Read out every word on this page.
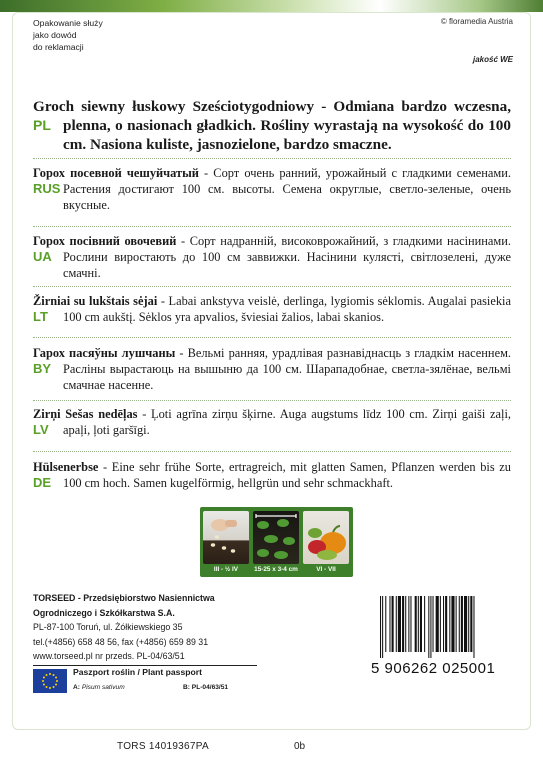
Opakowanie służy
jako dowód
do reklamacji
© floramedia Austria
jakość WE
PL

Groch siewny łuskowy Sześciotygodniowy - Odmiana bardzo wczesna, plenna, o nasionach gładkich. Rośliny wyrastają na wysokość do 100 cm. Nasiona kuliste, jasnozielone, bardzo smaczne.

RUS

Горох посевной чешуйчатый - Сорт очень ранний, урожайный с гладкими семенами. Растения достигают 100 см. высоты. Семена округлые, светло-зеленые, очень вкусные.

UA

Горох посівний овочевий - Сорт надранній, високоврожайний, з гладкими насінинами. Рослини виростають до 100 см заввижки. Насінини кулясті, світлозелені, дуже смачні.

LT

Žirniai su lukštais sėjai - Labai ankstyva veislė, derlinga, lygiomis sėklomis. Augalai pasiekia 100 cm aukštį. Sėklos yra apvalios, šviesiai žalios, labai skanios.

BY

Гарох пасяўны лушчаны - Вельмі ранняя, урадлівая разнавіднасць з гладкім насеннем. Расліны вырастаюць на вышыню да 100 см. Шарападобнае, светла-зялёнае, вельмі смачнае насенне.

LV

Zirņi Sešas nedēļas - Ļoti agrīna zirņu šķirne. Auga augstums līdz 100 cm. Zirņi gaiši zaļi, apaļi, ļoti garšīgi.

DE

Hülsenerbse - Eine sehr frühe Sorte, ertragreich, mit glatten Samen, Pflanzen werden bis zu 100 cm hoch. Samen kugelförmig, hellgrün und sehr schmackhaft.

III - ½ IV	15-25 x 3-4 cm	VI - VII
TORSEED - Przedsiębiorstwo Nasiennictwa
Ogrodniczego i Szkółkarstwa S.A.
PL-87-100 Toruń, ul. Żółkiewskiego 35
tel.(+4856) 658 48 56, fax (+4856) 659 89 31
www.torseed.pl nr przeds. PL-04/63/51
5 906262 025001
Paszport roślin / Plant passport
A: Pisum sativum	B: PL-04/63/51
TORS 14019367PA	0b
